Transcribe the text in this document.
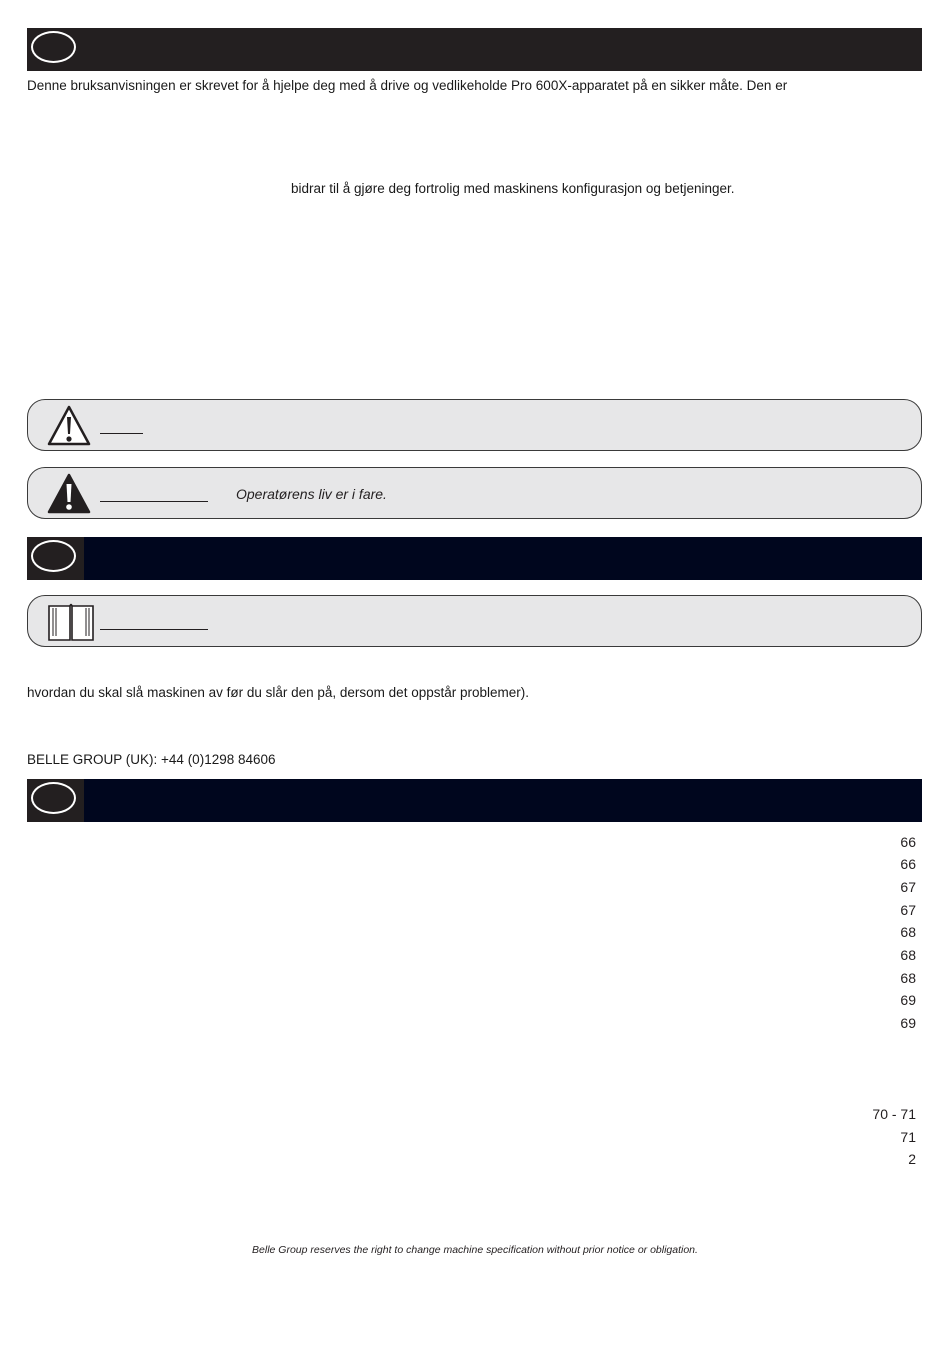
Denne bruksanvisningen er skrevet for å hjelpe deg med å drive og vedlikeholde Pro 600X-apparatet på en sikker måte. Den er
bidrar til å gjøre deg fortrolig med maskinens konfigurasjon og betjeninger.
Operatørens liv er i fare.
hvordan du skal slå maskinen av før du slår den på, dersom det oppstår problemer).
BELLE GROUP (UK): +44 (0)1298 84606
66
66
67
67
68
68
68
69
69
70 - 71
71
2
Belle Group reserves the right to change machine specification without prior notice or obligation.
